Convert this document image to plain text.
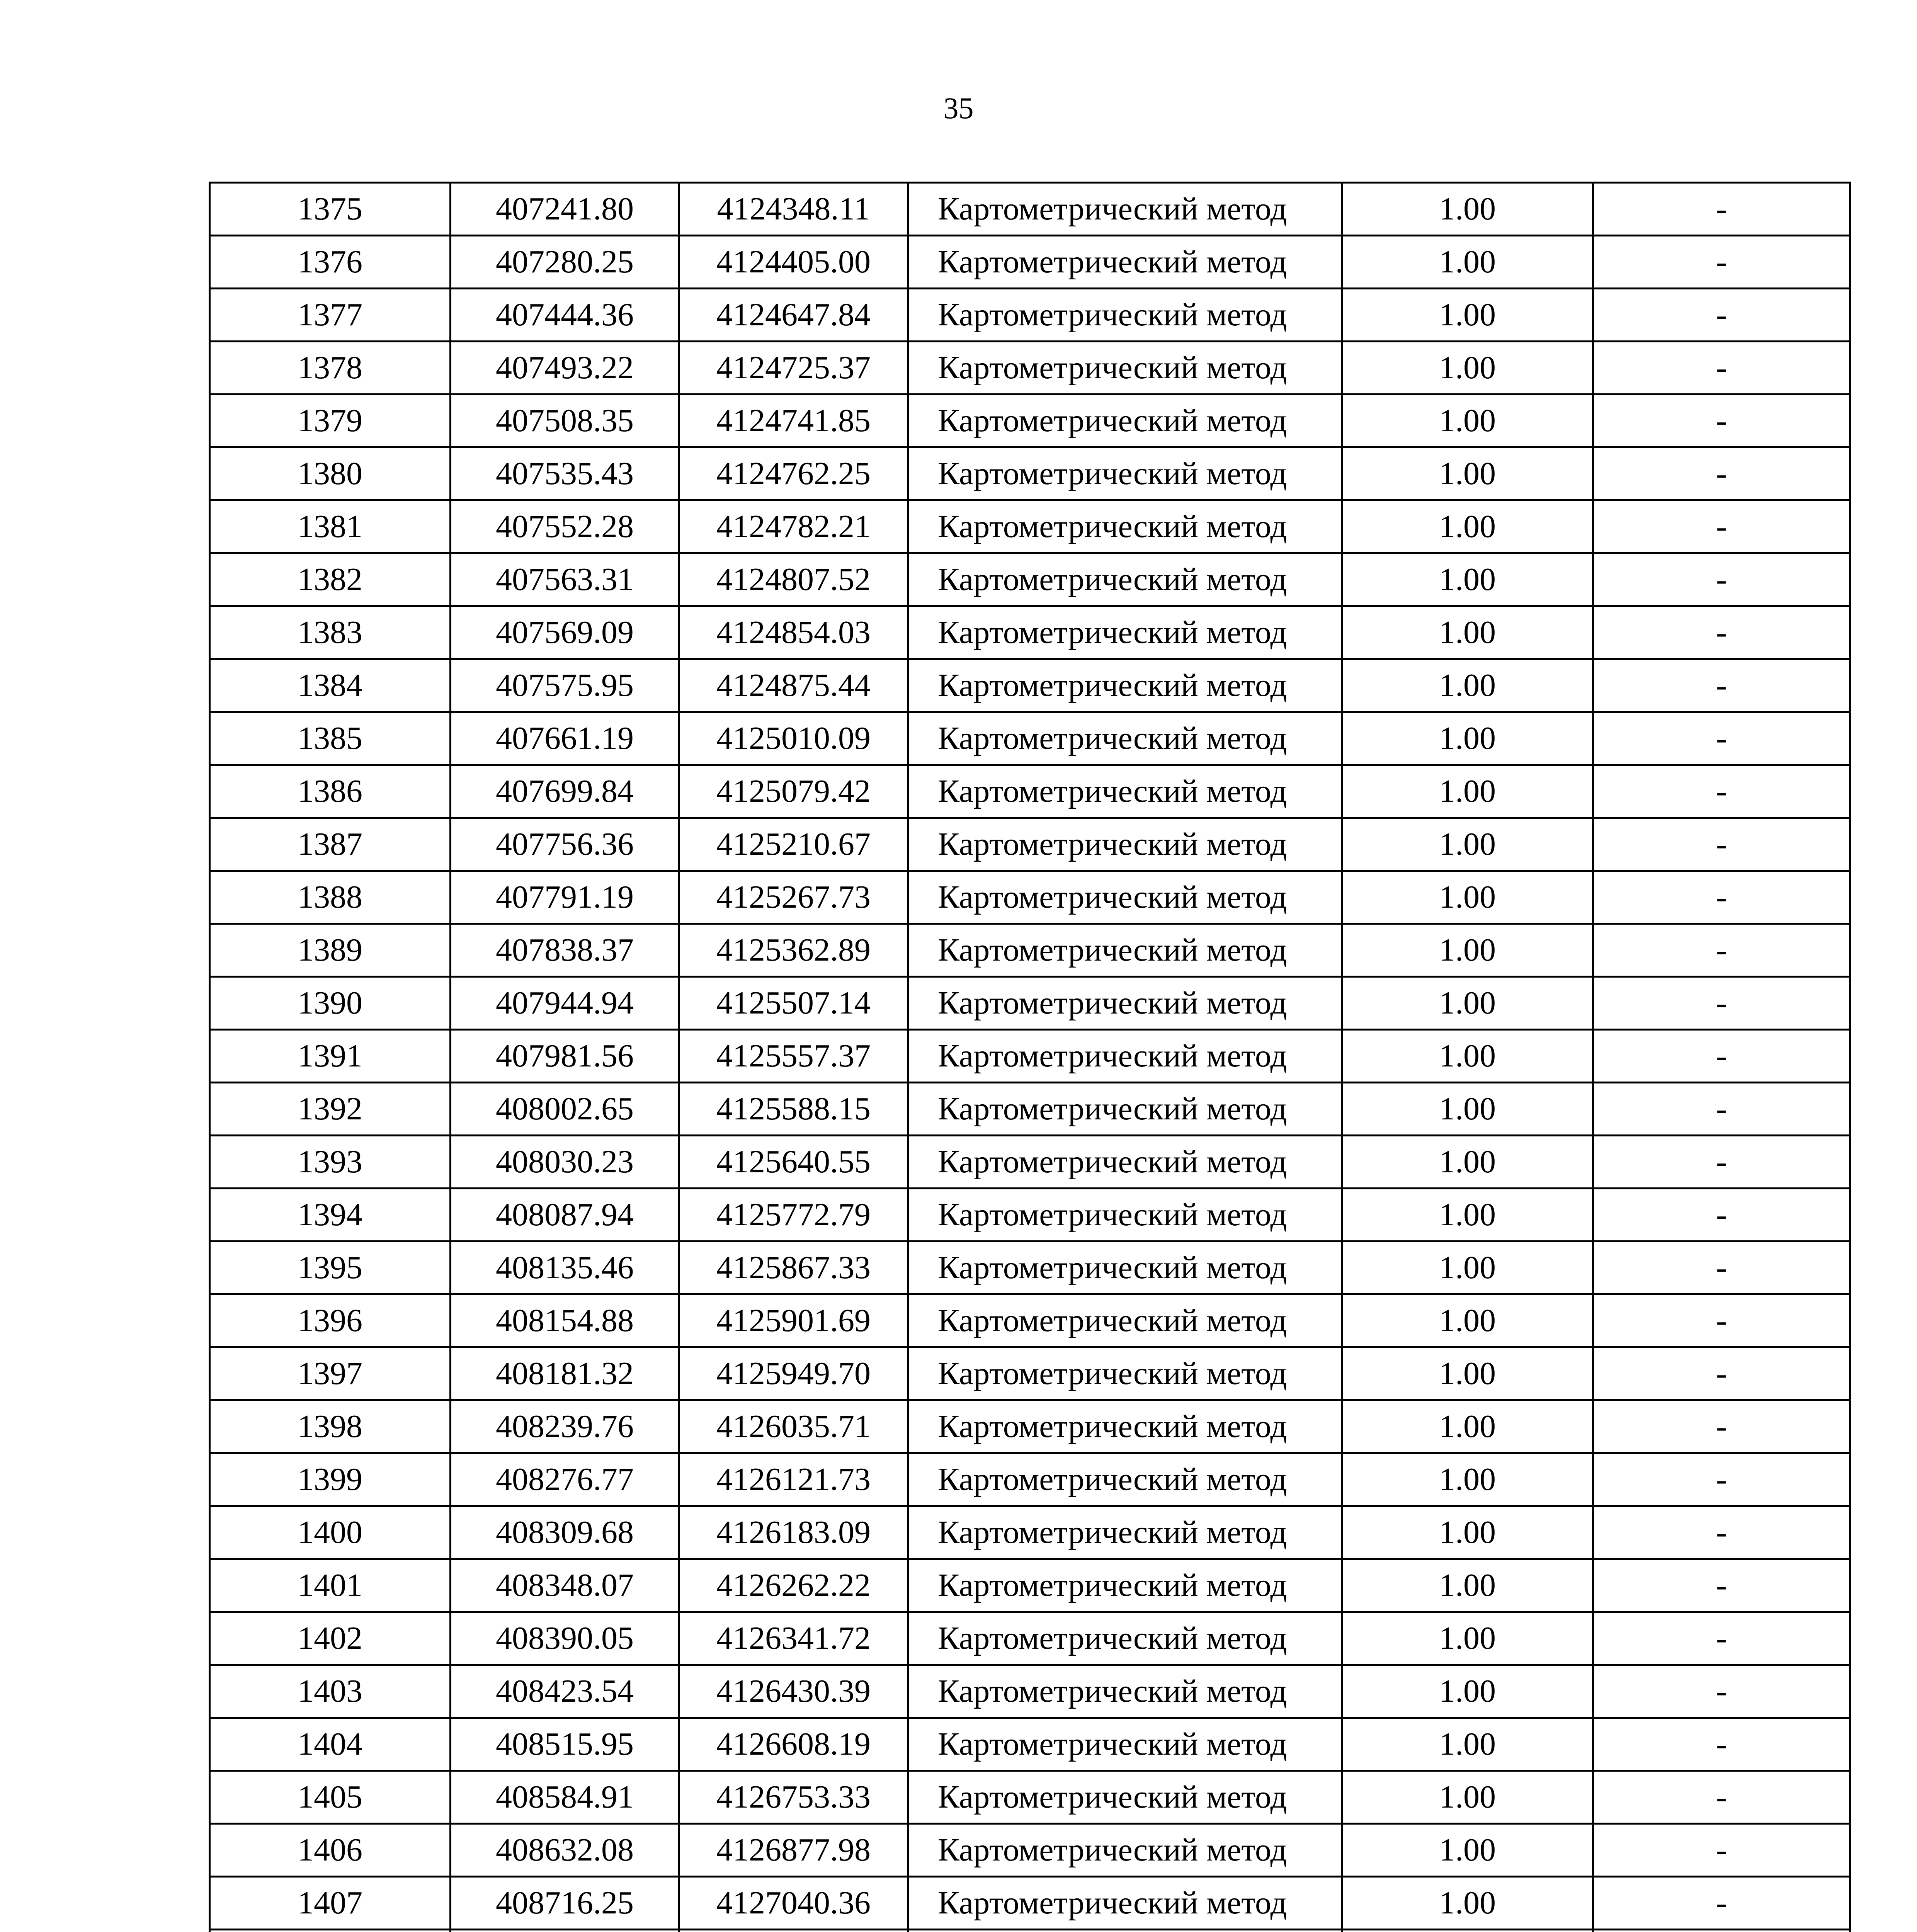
35
1375	407241.80	4124348.11	Картометрический метод	1.00	-
1376	407280.25	4124405.00	Картометрический метод	1.00	-
1377	407444.36	4124647.84	Картометрический метод	1.00	-
1378	407493.22	4124725.37	Картометрический метод	1.00	-
1379	407508.35	4124741.85	Картометрический метод	1.00	-
1380	407535.43	4124762.25	Картометрический метод	1.00	-
1381	407552.28	4124782.21	Картометрический метод	1.00	-
1382	407563.31	4124807.52	Картометрический метод	1.00	-
1383	407569.09	4124854.03	Картометрический метод	1.00	-
1384	407575.95	4124875.44	Картометрический метод	1.00	-
1385	407661.19	4125010.09	Картометрический метод	1.00	-
1386	407699.84	4125079.42	Картометрический метод	1.00	-
1387	407756.36	4125210.67	Картометрический метод	1.00	-
1388	407791.19	4125267.73	Картометрический метод	1.00	-
1389	407838.37	4125362.89	Картометрический метод	1.00	-
1390	407944.94	4125507.14	Картометрический метод	1.00	-
1391	407981.56	4125557.37	Картометрический метод	1.00	-
1392	408002.65	4125588.15	Картометрический метод	1.00	-
1393	408030.23	4125640.55	Картометрический метод	1.00	-
1394	408087.94	4125772.79	Картометрический метод	1.00	-
1395	408135.46	4125867.33	Картометрический метод	1.00	-
1396	408154.88	4125901.69	Картометрический метод	1.00	-
1397	408181.32	4125949.70	Картометрический метод	1.00	-
1398	408239.76	4126035.71	Картометрический метод	1.00	-
1399	408276.77	4126121.73	Картометрический метод	1.00	-
1400	408309.68	4126183.09	Картометрический метод	1.00	-
1401	408348.07	4126262.22	Картометрический метод	1.00	-
1402	408390.05	4126341.72	Картометрический метод	1.00	-
1403	408423.54	4126430.39	Картометрический метод	1.00	-
1404	408515.95	4126608.19	Картометрический метод	1.00	-
1405	408584.91	4126753.33	Картометрический метод	1.00	-
1406	408632.08	4126877.98	Картометрический метод	1.00	-
1407	408716.25	4127040.36	Картометрический метод	1.00	-
